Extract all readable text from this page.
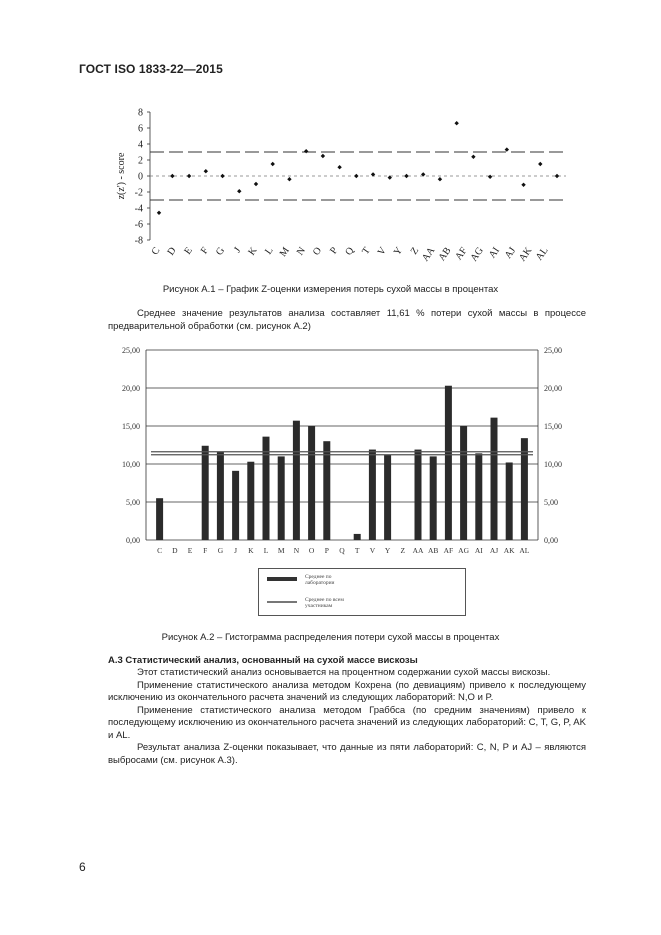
ГОСТ ISO 1833-22—2015
8
6
4
2
0
-2
-4
-6
-8
z(z') - score
C D E F G J K L M N O P Q T V Y Z
AA AB AF
AG AI AJ
AK AL
Рисунок А.1 – График Z-оценки измерения потерь сухой массы в процентах
Среднее значение результатов анализа составляет 11,61 % потери сухой массы в процессе предварительной обработки (см. рисунок А.2)
0,00	0,00
5,00	5,00
10,00	10,00
15,00	15,00
20,00	20,00
25,00	25,00
C D E F G J K L M N O P Q T V Y Z AA AB AF AG AI AJ AK AL
Среднее по
лаборатории
Среднее по всем
участникам
Рисунок А.2 – Гистограмма распределения потери сухой массы в процентах
А.3 Статистический анализ, основанный на сухой массе вискозы
Этот статистический анализ основывается на процентном содержании сухой массы вискозы.
Применение статистического анализа методом Кохрена (по девиациям) привело к последующему исключению из окончательного расчета значений из следующих лабораторий: N,O и P.
Применение статистического анализа методом Граббса (по средним значениям) привело к последующему исключению из окончательного расчета значений из следующих лабораторий: C, T, G, P, AK и AL.
Результат анализа Z-оценки показывает, что данные из пяти лабораторий: C, N, P и AJ – являются выбросами (см. рисунок А.3).
6
